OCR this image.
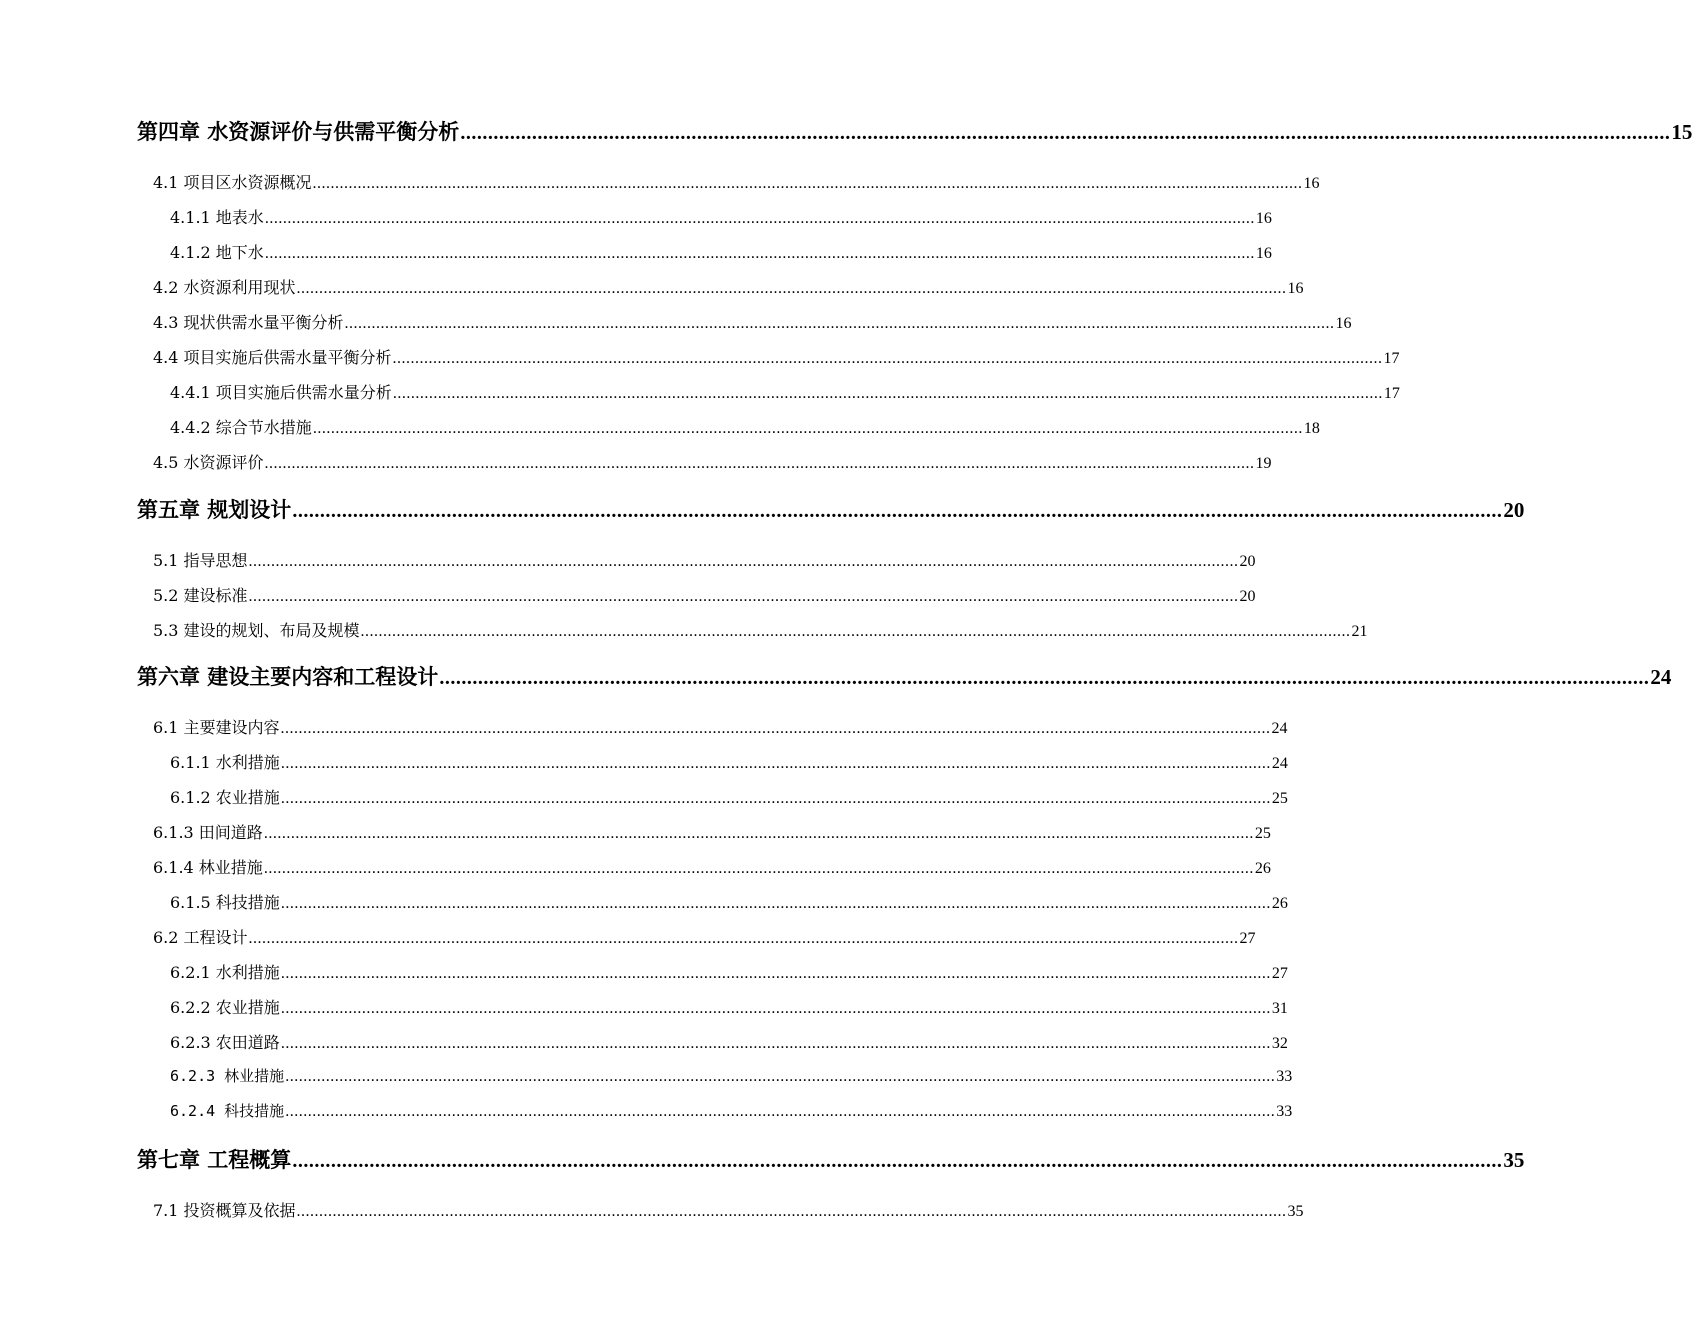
第四章 水资源评价与供需平衡分析 ............................................................................................................................................................................................................................ 15
4.1 项目区水资源概况 ............................................................................................................................................................................................................................ 16
4.1.1 地表水 ............................................................................................................................................................................................................................ 16
4.1.2 地下水 ............................................................................................................................................................................................................................ 16
4.2 水资源利用现状 ............................................................................................................................................................................................................................ 16
4.3 现状供需水量平衡分析 ............................................................................................................................................................................................................................ 16
4.4 项目实施后供需水量平衡分析 ............................................................................................................................................................................................................................ 17
4.4.1 项目实施后供需水量分析 ............................................................................................................................................................................................................................ 17
4.4.2 综合节水措施 ............................................................................................................................................................................................................................ 18
4.5 水资源评价 ............................................................................................................................................................................................................................ 19
第五章 规划设计 ............................................................................................................................................................................................................................ 20
5.1 指导思想 ............................................................................................................................................................................................................................ 20
5.2 建设标准 ............................................................................................................................................................................................................................ 20
5.3 建设的规划、布局及规模 ............................................................................................................................................................................................................................ 21
第六章 建设主要内容和工程设计 ............................................................................................................................................................................................................................ 24
6.1 主要建设内容 ............................................................................................................................................................................................................................ 24
6.1.1 水利措施 ............................................................................................................................................................................................................................ 24
6.1.2 农业措施 ............................................................................................................................................................................................................................ 25
6.1.3 田间道路 ............................................................................................................................................................................................................................ 25
6.1.4 林业措施 ............................................................................................................................................................................................................................ 26
6.1.5 科技措施 ............................................................................................................................................................................................................................ 26
6.2 工程设计 ............................................................................................................................................................................................................................ 27
6.2.1 水利措施 ............................................................................................................................................................................................................................ 27
6.2.2 农业措施 ............................................................................................................................................................................................................................ 31
6.2.3 农田道路 ............................................................................................................................................................................................................................ 32
6.2.3 林业措施 ............................................................................................................................................................................................................................ 33
6.2.4 科技措施 ............................................................................................................................................................................................................................ 33
第七章 工程概算 ............................................................................................................................................................................................................................ 35
7.1 投资概算及依据 ............................................................................................................................................................................................................................ 35
